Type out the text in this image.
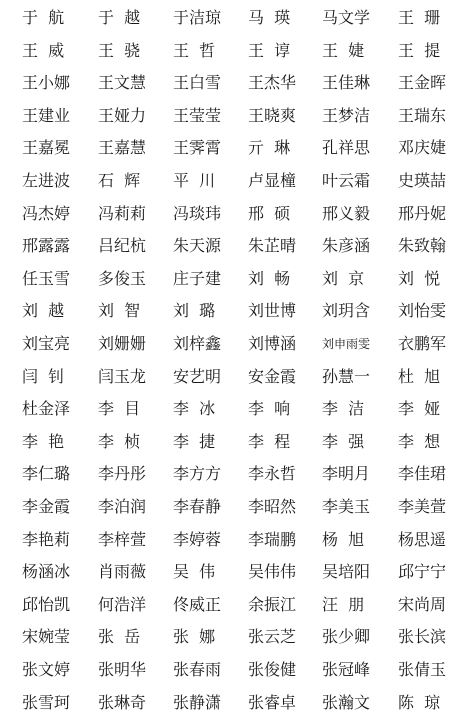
于  航	于  越	于洁琼	马  瑛	马文学	王  珊
王  威	王  骁	王  哲	王  谆	王  婕	王  提
王小娜	王文慧	王白雪	王杰华	王佳琳	王金晖
王建业	王娅力	王莹莹	王晓爽	王梦洁	王瑞东
王嘉冕	王嘉慧	王霁霄	亓  琳	孔祥思	邓庆婕
左进波	石  辉	平  川	卢显橦	叶云霜	史瑛喆
冯杰婷	冯莉莉	冯琰玮	邢  硕	邢义毅	邢丹妮
邢露露	吕纪杭	朱天源	朱芷晴	朱彦涵	朱致翰
任玉雪	多俊玉	庄子建	刘  畅	刘  京	刘  悦
刘  越	刘  智	刘  璐	刘世博	刘玥含	刘怡雯
刘宝亮	刘姗姗	刘梓鑫	刘博涵	刘申雨雯	衣鹏军
闫  钊	闫玉龙	安艺明	安金霞	孙慧一	杜  旭
杜金泽	李  目	李  冰	李  响	李  洁	李  娅
李  艳	李  桢	李  捷	李  程	李  强	李  想
李仁璐	李丹彤	李方方	李永哲	李明月	李佳珺
李金霞	李泊润	李春静	李昭然	李美玉	李美萱
李艳莉	李梓萱	李婷蓉	李瑞鹏	杨  旭	杨思遥
杨涵冰	肖雨薇	吴  伟	吴伟伟	吴培阳	邱宁宁
邱怡凯	何浩洋	佟威正	余振江	汪  朋	宋尚周
宋婉莹	张  岳	张  娜	张云芝	张少卿	张长滨
张文婷	张明华	张春雨	张俊健	张冠峰	张倩玉
张雪珂	张琳奇	张静潇	张睿卓	张瀚文	陈  琼
